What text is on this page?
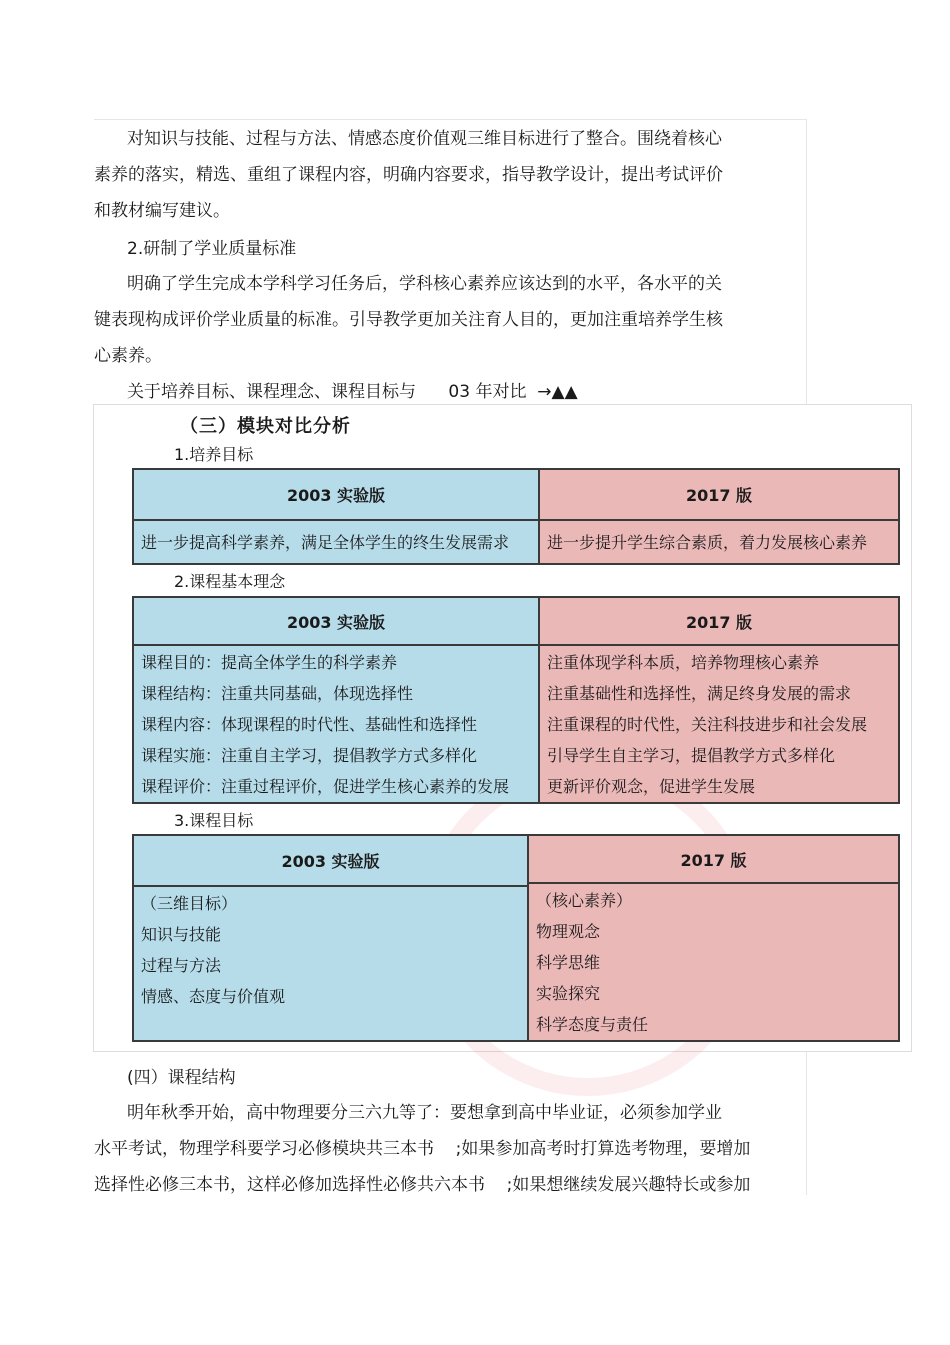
对知识与技能、过程与方法、情感态度价值观三维目标进行了整合。围绕着核心
素养的落实，精选、重组了课程内容，明确内容要求，指导教学设计，提出考试评价
和教材编写建议。
2.研制了学业质量标准
明确了学生完成本学科学习任务后，学科核心素养应该达到的水平，各水平的关
键表现构成评价学业质量的标准。引导教学更加关注育人目的，更加注重培养学生核
心素养。
关于培养目标、课程理念、课程目标与      03 年对比  →▲▲
（三）模块对比分析
1.培养目标
2003 实验版
进一步提高科学素养，满足全体学生的终生发展需求
2017 版
进一步提升学生综合素质，着力发展核心素养
2.课程基本理念
2003 实验版
课程目的：提高全体学生的科学素养
课程结构：注重共同基础，体现选择性
课程内容：体现课程的时代性、基础性和选择性
课程实施：注重自主学习，提倡教学方式多样化
课程评价：注重过程评价，促进学生核心素养的发展
2017 版
注重体现学科本质，培养物理核心素养
注重基础性和选择性，满足终身发展的需求
注重课程的时代性，关注科技进步和社会发展
引导学生自主学习，提倡教学方式多样化
更新评价观念，促进学生发展
3.课程目标
2003 实验版
（三维目标）
知识与技能
过程与方法
情感、态度与价值观
2017 版
（核心素养）
物理观念
科学思维
实验探究
科学态度与责任
(四）课程结构
明年秋季开始，高中物理要分三六九等了：要想拿到高中毕业证，必须参加学业
水平考试，物理学科要学习必修模块共三本书    ;如果参加高考时打算选考物理，要增加
选择性必修三本书，这样必修加选择性必修共六本书    ;如果想继续发展兴趣特长或参加
